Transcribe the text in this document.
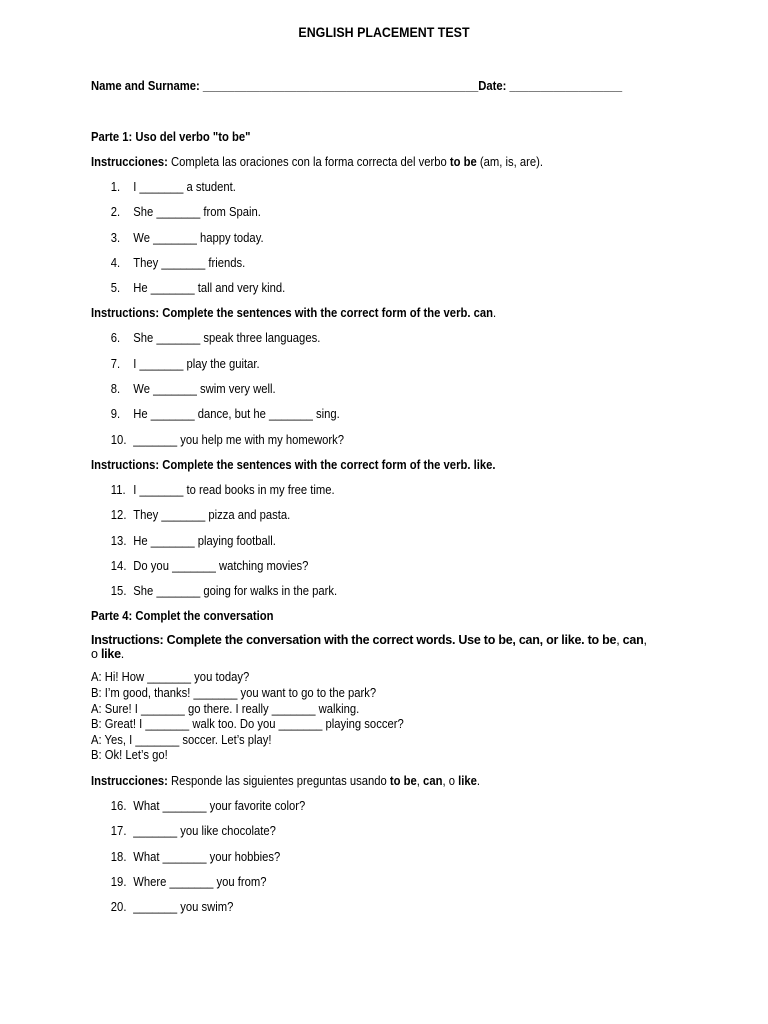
ENGLISH PLACEMENT TEST
Name and Surname: ____________________________________________Date: __________________
Parte 1: Uso del verbo "to be"
Instrucciones: Completa las oraciones con la forma correcta del verbo to be (am, is, are).
1. I _______ a student.
2. She _______ from Spain.
3. We _______ happy today.
4. They _______ friends.
5. He _______ tall and very kind.
Instructions: Complete the sentences with the correct form of the verb. can.
6. She _______ speak three languages.
7. I _______ play the guitar.
8. We _______ swim very well.
9. He _______ dance, but he _______ sing.
10. _______ you help me with my homework?
Instructions: Complete the sentences with the correct form of the verb. like.
11. I _______ to read books in my free time.
12. They _______ pizza and pasta.
13. He _______ playing football.
14. Do you _______ watching movies?
15. She _______ going for walks in the park.
Parte 4: Complet the conversation
Instructions: Complete the conversation with the correct words. Use to be, can, or like. to be, can, o like.
A: Hi! How _______ you today?
B: I’m good, thanks! _______ you want to go to the park?
A: Sure! I _______ go there. I really _______ walking.
B: Great! I _______ walk too. Do you _______ playing soccer?
A: Yes, I _______ soccer. Let’s play!
B: Ok! Let’s go!
Instrucciones: Responde las siguientes preguntas usando to be, can, o like.
16. What _______ your favorite color?
17. _______ you like chocolate?
18. What _______ your hobbies?
19. Where _______ you from?
20. _______ you swim?
